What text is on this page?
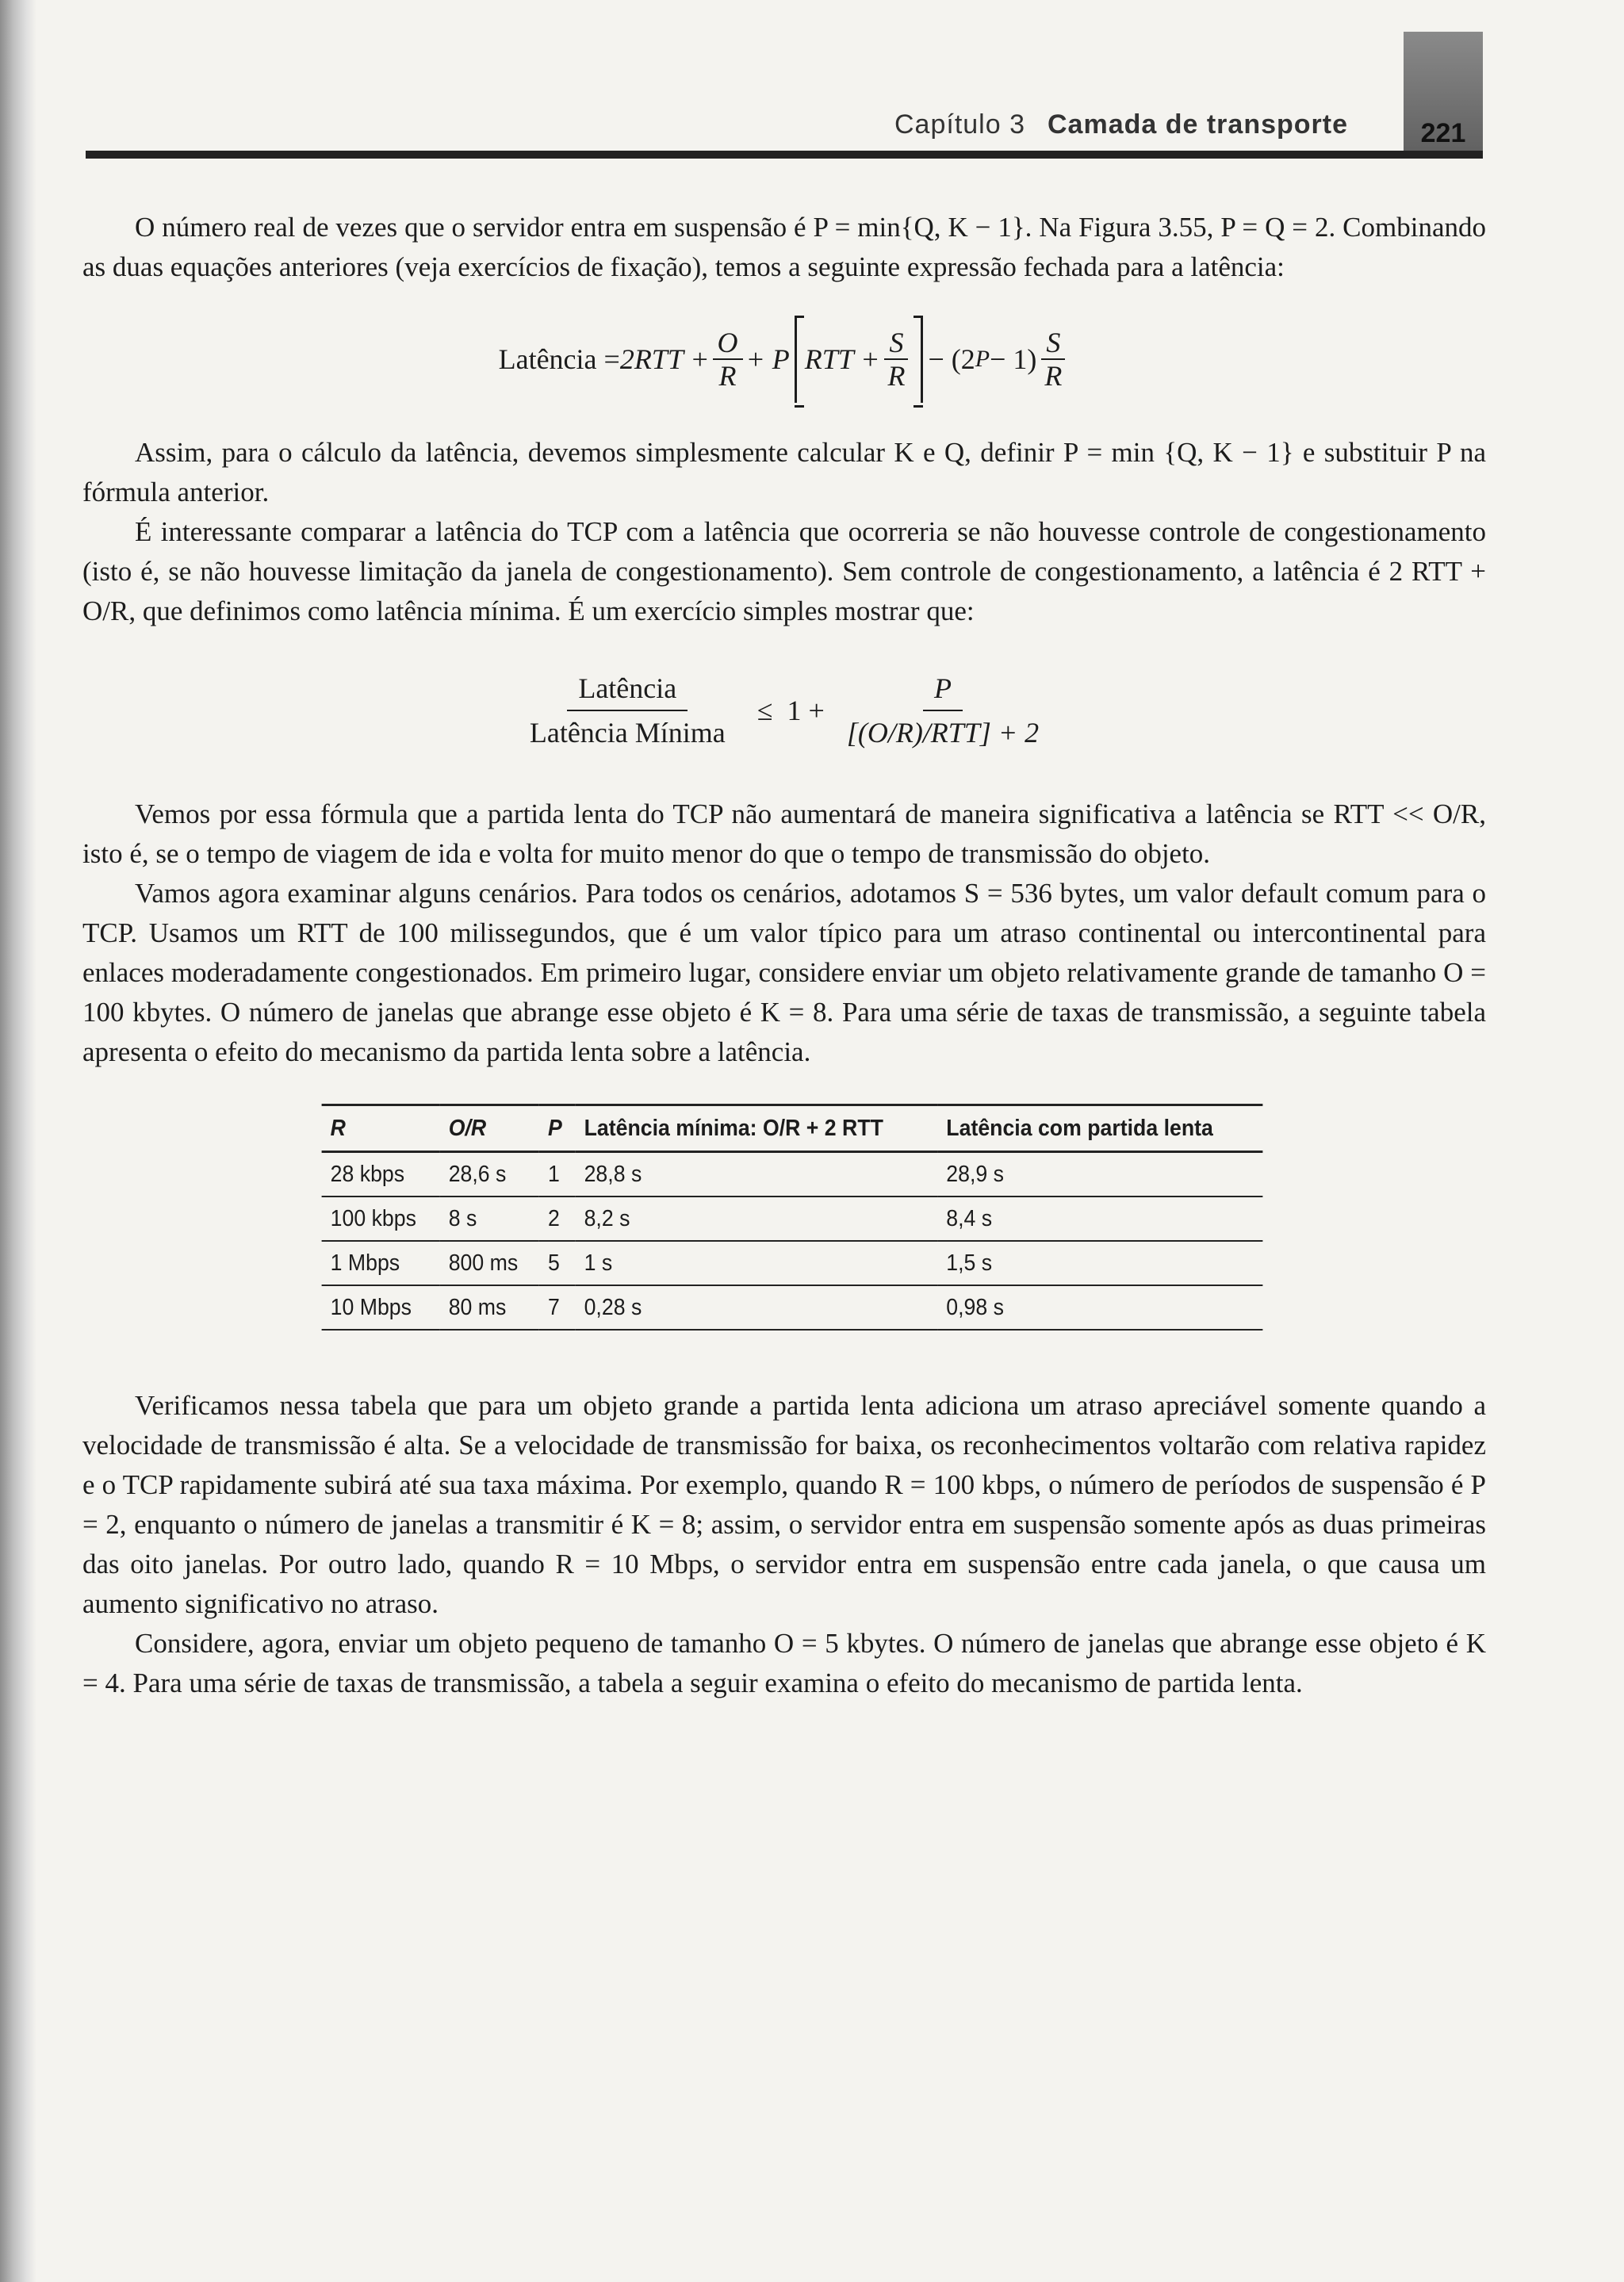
Capítulo 3 Camada de transporte	221

O número real de vezes que o servidor entra em suspensão é P = min{Q, K − 1}. Na Figura 3.55, P = Q = 2. Combinando as duas equações anteriores (veja exercícios de fixação), temos a seguinte expressão fechada para a latência:

Latência = $2RTT + \frac{O}{R} + P$ RTT + $\frac{S}{R} - (2$ $P - 1) \frac{S}{R}$

Assim, para o cálculo da latência, devemos simplesmente calcular K e Q, definir P = min {Q, K − 1} e substituir P na fórmula anterior.

É interessante comparar a latência do TCP com a latência que ocorreria se não houvesse controle de congestionamento (isto é, se não houvesse limitação da janela de congestionamento). Sem controle de congestionamento, a latência é 2 RTT + O/R, que definimos como latência mínima. É um exercício simples mostrar que:

$\frac{\text{Latência}}{\text{Latência Mínima}} \le 1 + \frac{P}{\text{[(O/R)/RTT] + 2}}$

Vemos por essa fórmula que a partida lenta do TCP não aumentará de maneira significativa a latência se RTT << O/R, isto é, se o tempo de viagem de ida e volta for muito menor do que o tempo de transmissão do objeto.

Vamos agora examinar alguns cenários. Para todos os cenários, adotamos S = 536 bytes, um valor default comum para o TCP. Usamos um RTT de 100 milissegundos, que é um valor típico para um atraso continental ou intercontinental para enlaces moderadamente congestionados. Em primeiro lugar, considere enviar um objeto relativamente grande de tamanho O = 100 kbytes. O número de janelas que abrange esse objeto é K = 8. Para uma série de taxas de transmissão, a seguinte tabela apresenta o efeito do mecanismo da partida lenta sobre a latência.

R	O/R	P	Latência mínima: O/R + 2 RTT	Latência com partida lenta
28 kbps	28,6 s	1	28,8 s	28,9 s
100 kbps	8 s	2	8,2 s	8,4 s
1 Mbps	800 ms	5	1 s	1,5 s
10 Mbps	80 ms	7	0,28 s	0,98 s

Verificamos nessa tabela que para um objeto grande a partida lenta adiciona um atraso apreciável somente quando a velocidade de transmissão é alta. Se a velocidade de transmissão for baixa, os reconhecimentos voltarão com relativa rapidez e o TCP rapidamente subirá até sua taxa máxima. Por exemplo, quando R = 100 kbps, o número de períodos de suspensão é P = 2, enquanto o número de janelas a transmitir é K = 8; assim, o servidor entra em suspensão somente após as duas primeiras das oito janelas. Por outro lado, quando R = 10 Mbps, o servidor entra em suspensão entre cada janela, o que causa um aumento significativo no atraso.

Considere, agora, enviar um objeto pequeno de tamanho O = 5 kbytes. O número de janelas que abrange esse objeto é K = 4. Para uma série de taxas de transmissão, a tabela a seguir examina o efeito do mecanismo de partida lenta.
